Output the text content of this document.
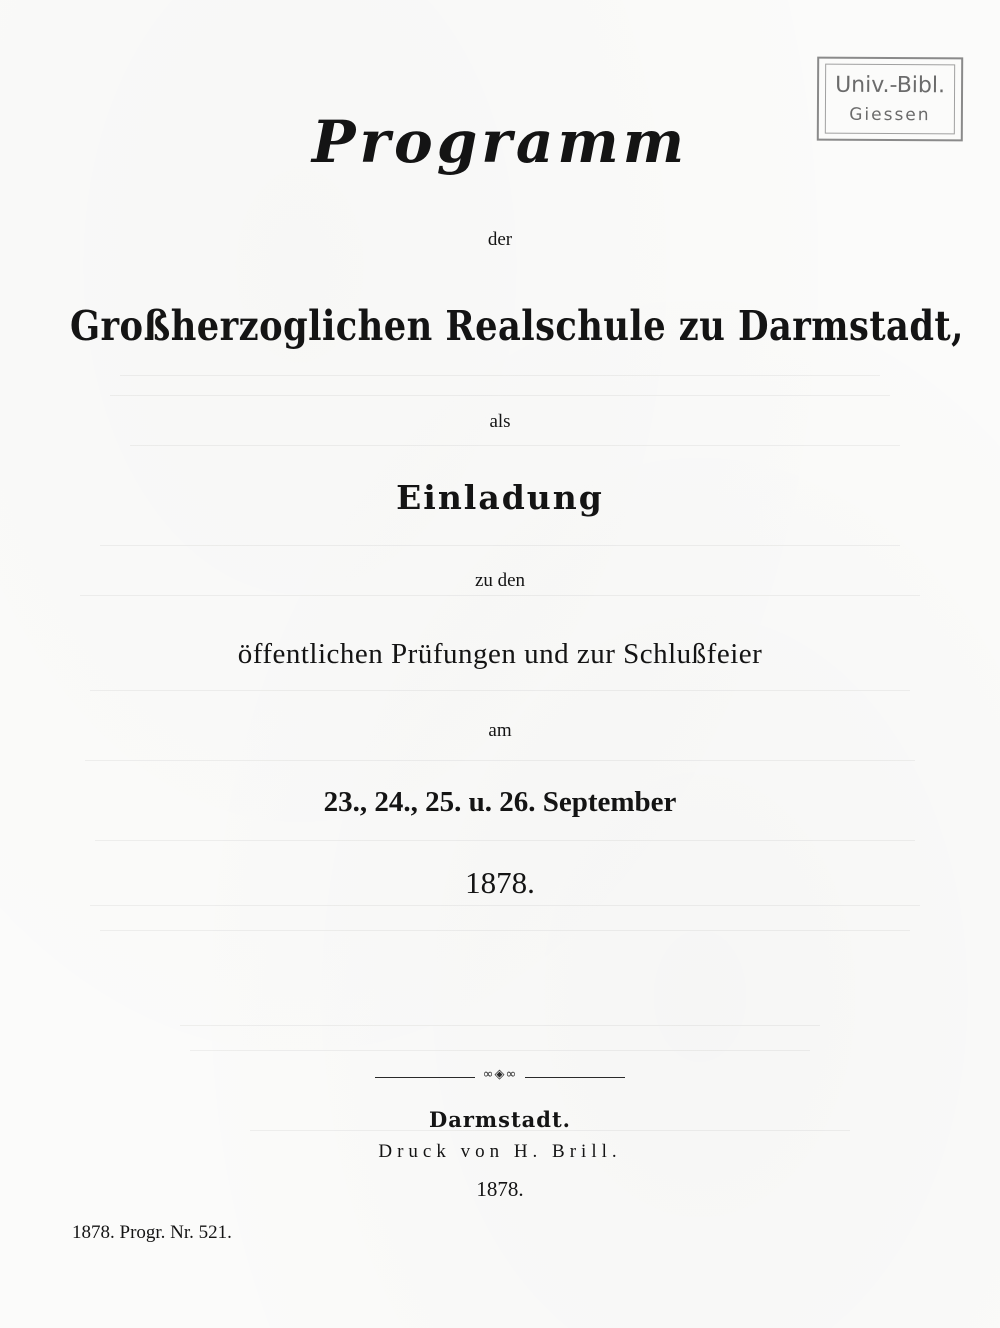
Univ.-Bibl.
Giessen
Programm
der
Großherzoglichen Realschule zu Darmstadt,
als
Einladung
zu den
öffentlichen Prüfungen und zur Schlußfeier
am
23., 24., 25. u. 26. September
1878.
∞◈∞
Darmstadt.
Druck von H. Brill.
1878.
1878. Progr. Nr. 521.
